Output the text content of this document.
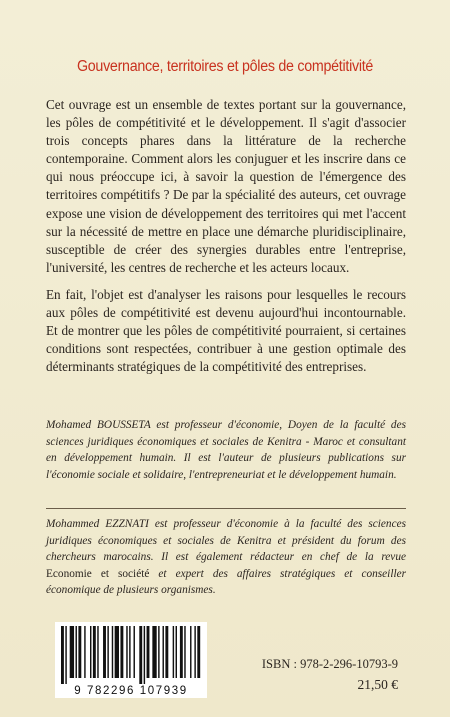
Gouvernance, territoires et pôles de compétitivité

Cet ouvrage est un ensemble de textes portant sur la gouvernance, les pôles de compétitivité et le développement. Il s'agit d'associer trois concepts phares dans la littérature de la recherche contemporaine. Comment alors les conjuguer et les inscrire dans ce qui nous préoccupe ici, à savoir la question de l'émergence des territoires compétitifs ? De par la spécialité des auteurs, cet ouvrage expose une vision de développement des territoires qui met l'accent sur la nécessité de mettre en place une démarche pluridisciplinaire, susceptible de créer des synergies durables entre l'entreprise, l'université, les centres de recherche et les acteurs locaux.

En fait, l'objet est d'analyser les raisons pour lesquelles le recours aux pôles de compétitivité est devenu aujourd'hui incontournable. Et de montrer que les pôles de compétitivité pourraient, si certaines conditions sont respectées, contribuer à une gestion optimale des déterminants stratégiques de la compétitivité des entreprises.

Mohamed BOUSSETA est professeur d'économie, Doyen de la faculté des sciences juridiques économiques et sociales de Kenitra - Maroc et consultant en développement humain. Il est l'auteur de plusieurs publications sur l'économie sociale et solidaire, l'entrepreneuriat et le développement humain.
Mohammed EZZNATI est professeur d'économie à la faculté des sciences juridiques économiques et sociales de Kenitra et président du forum des chercheurs marocains. Il est également rédacteur en chef de la revue Economie et société et expert des affaires stratégiques et conseiller économique de plusieurs organismes.
9 782296 107939
ISBN : 978-2-296-10793-9
21,50 €
